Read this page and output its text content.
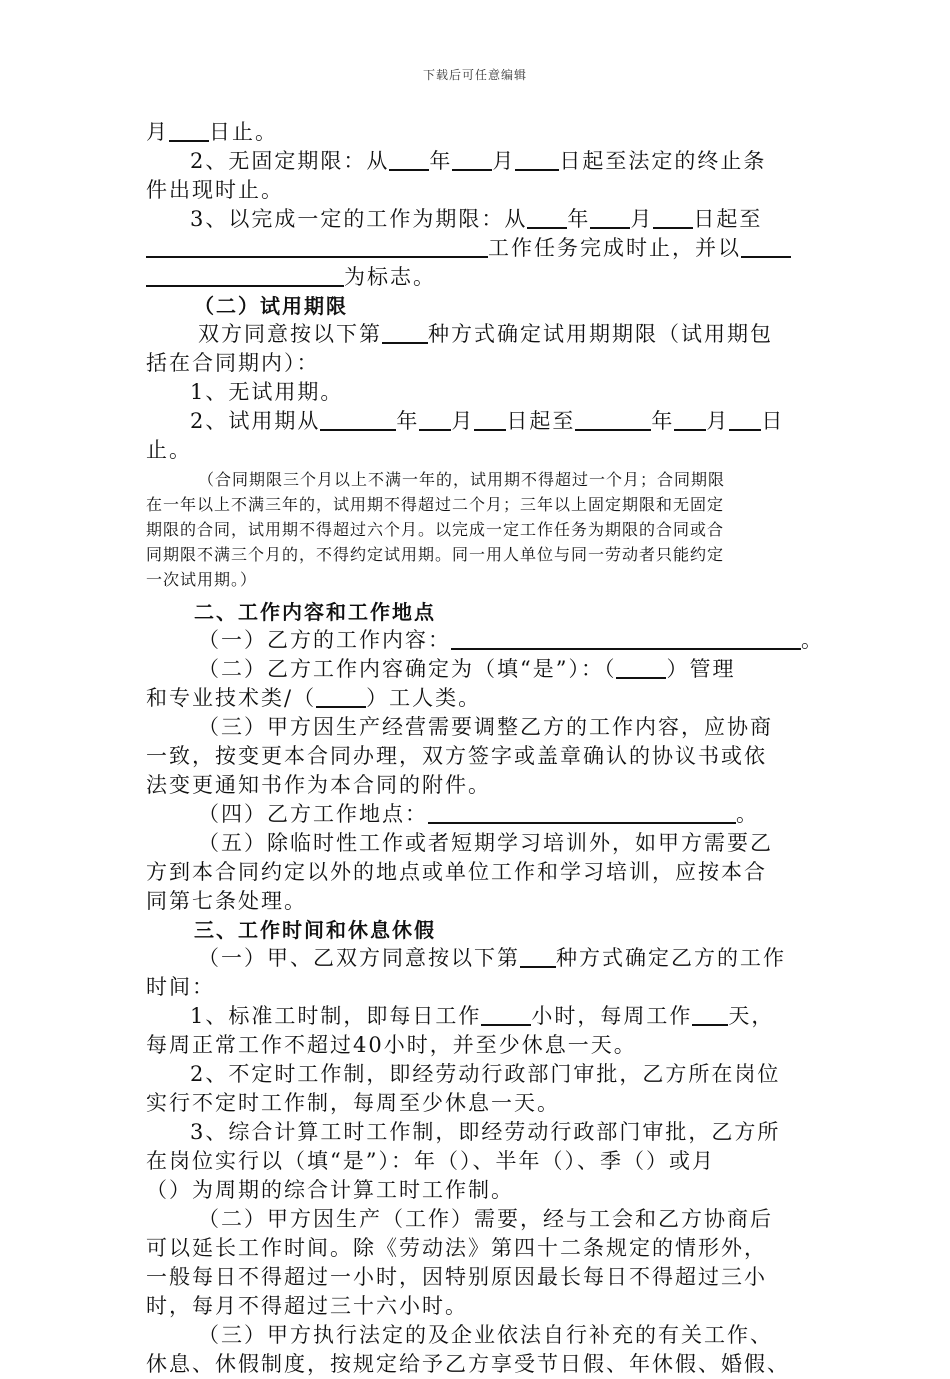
下载后可任意编辑

月 日止。

2、无固定期限：从 年 月 日起至法定的终止条

件出现时止。

3、以完成一定的工作为期限：从 年 月 日起至

工作任务完成时止，并以

为标志。

（二）试用期限

双方同意按以下第 种方式确定试用期期限（试用期包

括在合同期内）：

1、无试用期。

2、试用期从	年 月 日起至	年 月 日

止。

（合同期限三个月以上不满一年的，试用期不得超过一个月；合同期限
在一年以上不满三年的，试用期不得超过二个月；三年以上固定期限和无固定
期限的合同，试用期不得超过六个月。以完成一定工作任务为期限的合同或合
同期限不满三个月的，不得约定试用期。同一用人单位与同一劳动者只能约定
一次试用期。）

二、工作内容和工作地点

（一）乙方的工作内容：	。

（二）乙方工作内容确定为（填“是”）：（ ）管理

和专业技术类/（ ）工人类。

（三）甲方因生产经营需要调整乙方的工作内容，应协商

一致，按变更本合同办理，双方签字或盖章确认的协议书或依

法变更通知书作为本合同的附件。

（四）乙方工作地点：	。

（五）除临时性工作或者短期学习培训外，如甲方需要乙

方到本合同约定以外的地点或单位工作和学习培训，应按本合

同第七条处理。

三、工作时间和休息休假

（一）甲、乙双方同意按以下第 种方式确定乙方的工作

时间：

1、标准工时制，即每日工作 小时，每周工作 天，

每周正常工作不超过40小时，并至少休息一天。

2、不定时工作制，即经劳动行政部门审批，乙方所在岗位

实行不定时工作制，每周至少休息一天。

3、综合计算工时工作制，即经劳动行政部门审批，乙方所

在岗位实行以（填“是”）：年（）、半年（）、季（）或月

（）为周期的综合计算工时工作制。

（二）甲方因生产（工作）需要，经与工会和乙方协商后

可以延长工作时间。除《劳动法》第四十二条规定的情形外，

一般每日不得超过一小时，因特别原因最长每日不得超过三小

时，每月不得超过三十六小时。

（三）甲方执行法定的及企业依法自行补充的有关工作、

休息、休假制度，按规定给予乙方享受节日假、年休假、婚假、
